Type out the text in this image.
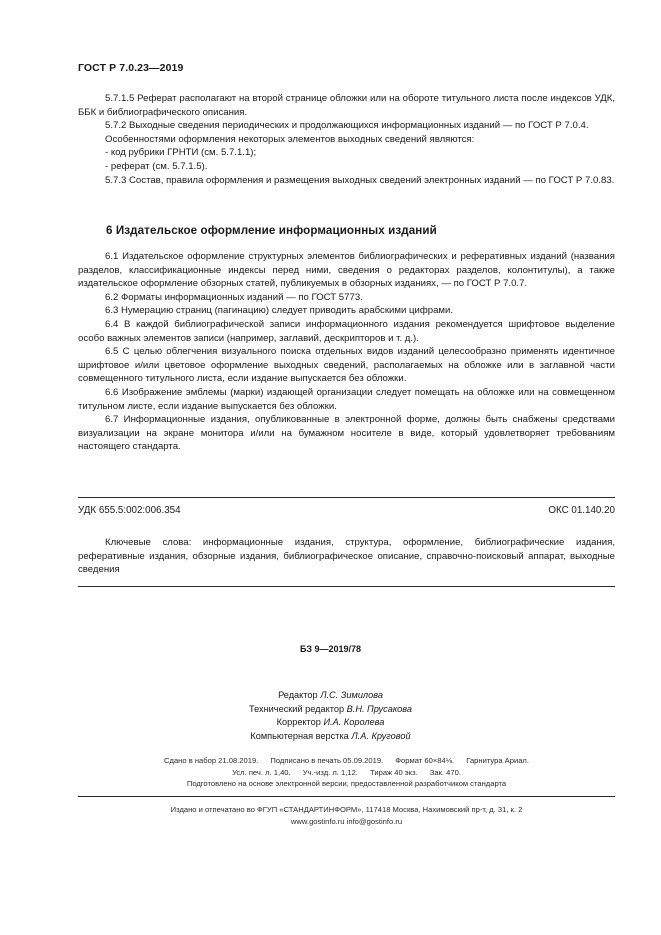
ГОСТ Р 7.0.23—2019

5.7.1.5 Реферат располагают на второй странице обложки или на обороте титульного листа после индексов УДК, ББК и библиографического описания.

5.7.2 Выходные сведения периодических и продолжающихся информационных изданий — по ГОСТ Р 7.0.4.

Особенностями оформления некоторых элементов выходных сведений являются:

- код рубрики ГРНТИ (см. 5.7.1.1);

- реферат (см. 5.7.1.5).

5.7.3 Состав, правила оформления и размещения выходных сведений электронных изданий — по ГОСТ Р 7.0.83.

6 Издательское оформление информационных изданий

6.1 Издательское оформление структурных элементов библиографических и реферативных изданий (названия разделов, классификационные индексы перед ними, сведения о редакторах разделов, колонтитулы), а также издательское оформление обзорных статей, публикуемых в обзорных изданиях, — по ГОСТ Р 7.0.7.

6.2 Форматы информационных изданий — по ГОСТ 5773.

6.3 Нумерацию страниц (пагинацию) следует приводить арабскими цифрами.

6.4 В каждой библиографической записи информационного издания рекомендуется шрифтовое выделение особо важных элементов записи (например, заглавий, дескрипторов и т. д.).

6.5 С целью облегчения визуального поиска отдельных видов изданий целесообразно применять идентичное шрифтовое и/или цветовое оформление выходных сведений, располагаемых на обложке или в заглавной части совмещенного титульного листа, если издание выпускается без обложки.

6.6 Изображение эмблемы (марки) издающей организации следует помещать на обложке или на совмещенном титульном листе, если издание выпускается без обложки.

6.7 Информационные издания, опубликованные в электронной форме, должны быть снабжены средствами визуализации на экране монитора и/или на бумажном носителе в виде, который удовлетворяет требованиям настоящего стандарта.

УДК 655.5:002:006.354	ОКС 01.140.20

Ключевые слова: информационные издания, структура, оформление, библиографические издания, реферативные издания, обзорные издания, библиографическое описание, справочно-поисковый аппарат, выходные сведения

БЗ 9—2019/78
Редактор Л.С. Зимилова
Технический редактор В.Н. Прусакова
Корректор И.А. Королева
Компьютерная верстка Л.А. Круговой
Сдано в набор 21.08.2019. Подписано в печать 05.09.2019. Формат 60×84⅛. Гарнитура Ариал.
Усл. печ. л. 1,40. Уч.-изд. л. 1,12. Тираж 40 экз. Зак. 470.
Подготовлено на основе электронной версии, предоставленной разработчиком стандарта
Издано и отпечатано во ФГУП «СТАНДАРТИНФОРМ», 117418 Москва, Нахимовский пр-т, д. 31, к. 2
www.gostinfo.ru info@gostinfo.ru
